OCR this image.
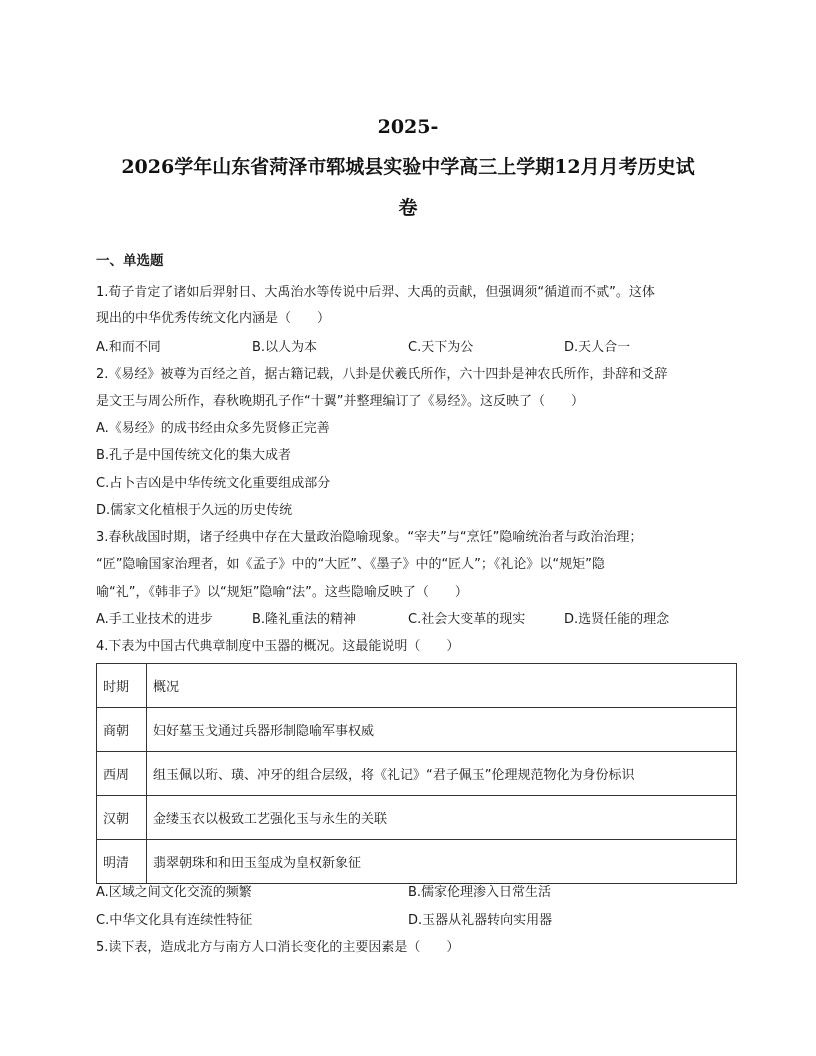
2025-
2026学年山东省菏泽市郓城县实验中学高三上学期12月月考历史试
卷
一、单选题
1.荀子肯定了诸如后羿射日、大禹治水等传说中后羿、大禹的贡献，但强调须“循道而不贰”。这体
现出的中华优秀传统文化内涵是（　　）
A.和而不同	B.以人为本	C.天下为公	D.天人合一
2.《易经》被尊为百经之首，据古籍记载，八卦是伏羲氏所作，六十四卦是神农氏所作，卦辞和爻辞
是文王与周公所作，春秋晚期孔子作“十翼”并整理编订了《易经》。这反映了（　　）
A.《易经》的成书经由众多先贤修正完善
B.孔子是中国传统文化的集大成者
C.占卜吉凶是中华传统文化重要组成部分
D.儒家文化植根于久远的历史传统
3.春秋战国时期，诸子经典中存在大量政治隐喻现象。“宰夫”与“烹饪”隐喻统治者与政治治理；
“匠”隐喻国家治理者，如《孟子》中的“大匠”、《墨子》中的“匠人”；《礼论》以“规矩”隐
喻“礼”，《韩非子》以“规矩”隐喻“法”。这些隐喻反映了（　　）
A.手工业技术的进步	B.隆礼重法的精神	C.社会大变革的现实	D.选贤任能的理念
4.下表为中国古代典章制度中玉器的概况。这最能说明（　　）
时期	概况
商朝	妇好墓玉戈通过兵器形制隐喻军事权威
西周	组玉佩以珩、璜、冲牙的组合层级，将《礼记》“君子佩玉”伦理规范物化为身份标识
汉朝	金缕玉衣以极致工艺强化玉与永生的关联
明清	翡翠朝珠和和田玉玺成为皇权新象征
A.区域之间文化交流的频繁	B.儒家伦理渗入日常生活
C.中华文化具有连续性特征	D.玉器从礼器转向实用器
5.读下表，造成北方与南方人口消长变化的主要因素是（　　）
